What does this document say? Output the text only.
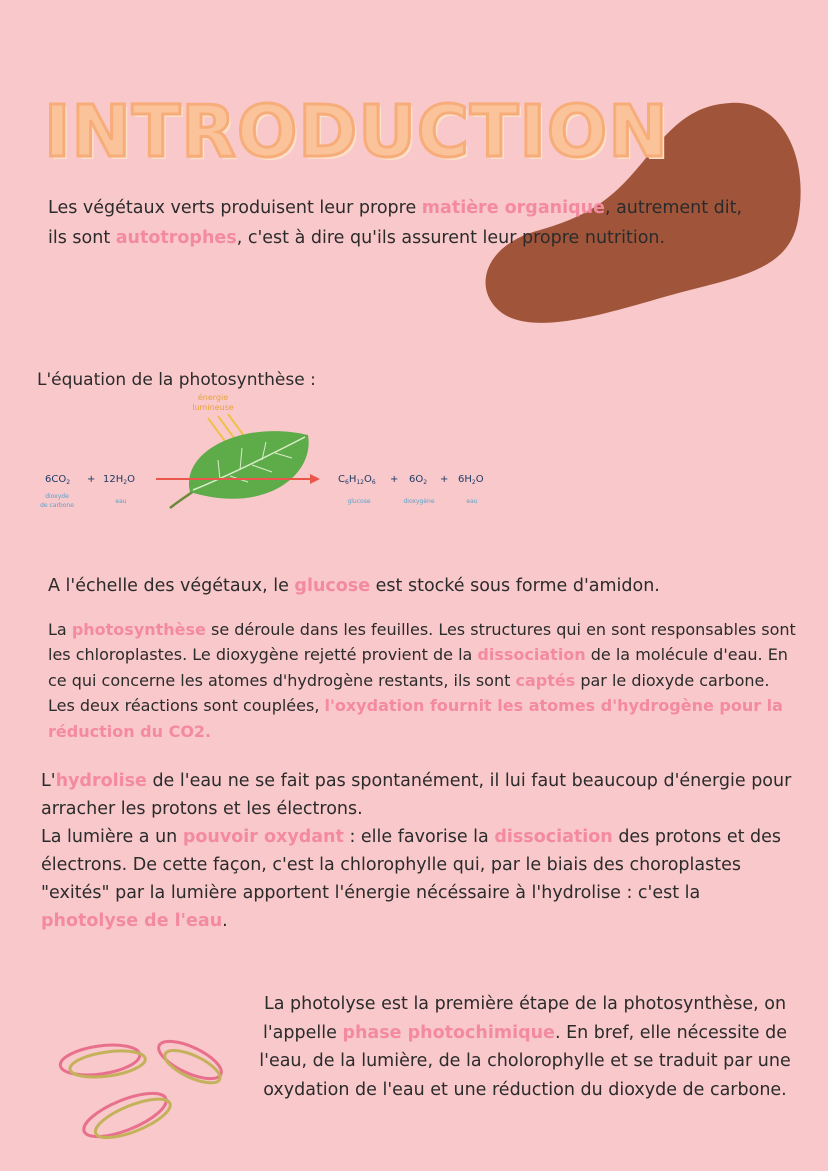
INTRODUCTION

Les végétaux verts produisent leur propre matière organique, autrement dit, ils sont autotrophes, c'est à dire qu'ils assurent leur propre nutrition.

L'équation de la photosynthèse :

énergie
lumineuse
$6CO_2 + 12H_2O$	$C_6H_{12}O_6 + 6O_2 + 6H_2O$
dioxyde
de carbone
eau	glucose	dioxygène	eau

A l'échelle des végétaux, le glucose est stocké sous forme d'amidon.

La photosynthèse se déroule dans les feuilles. Les structures qui en sont responsables sont les chloroplastes. Le dioxygène rejetté provient de la dissociation de la molécule d'eau. En ce qui concerne les atomes d'hydrogène restants, ils sont captés par le dioxyde carbone. Les deux réactions sont couplées, l'oxydation fournit les atomes d'hydrogène pour la réduction du CO2.

L'hydrolise de l'eau ne se fait pas spontanément, il lui faut beaucoup d'énergie pour arracher les protons et les électrons.
La lumière a un pouvoir oxydant : elle favorise la dissociation des protons et des électrons. De cette façon, c'est la chlorophylle qui, par le biais des choroplastes "exités" par la lumière apportent l'énergie nécéssaire à l'hydrolise : c'est la photolyse de l'eau.

La photolyse est la première étape de la photosynthèse, on l'appelle phase photochimique. En bref, elle nécessite de l'eau, de la lumière, de la cholorophylle et se traduit par une oxydation de l'eau et une réduction du dioxyde de carbone.
